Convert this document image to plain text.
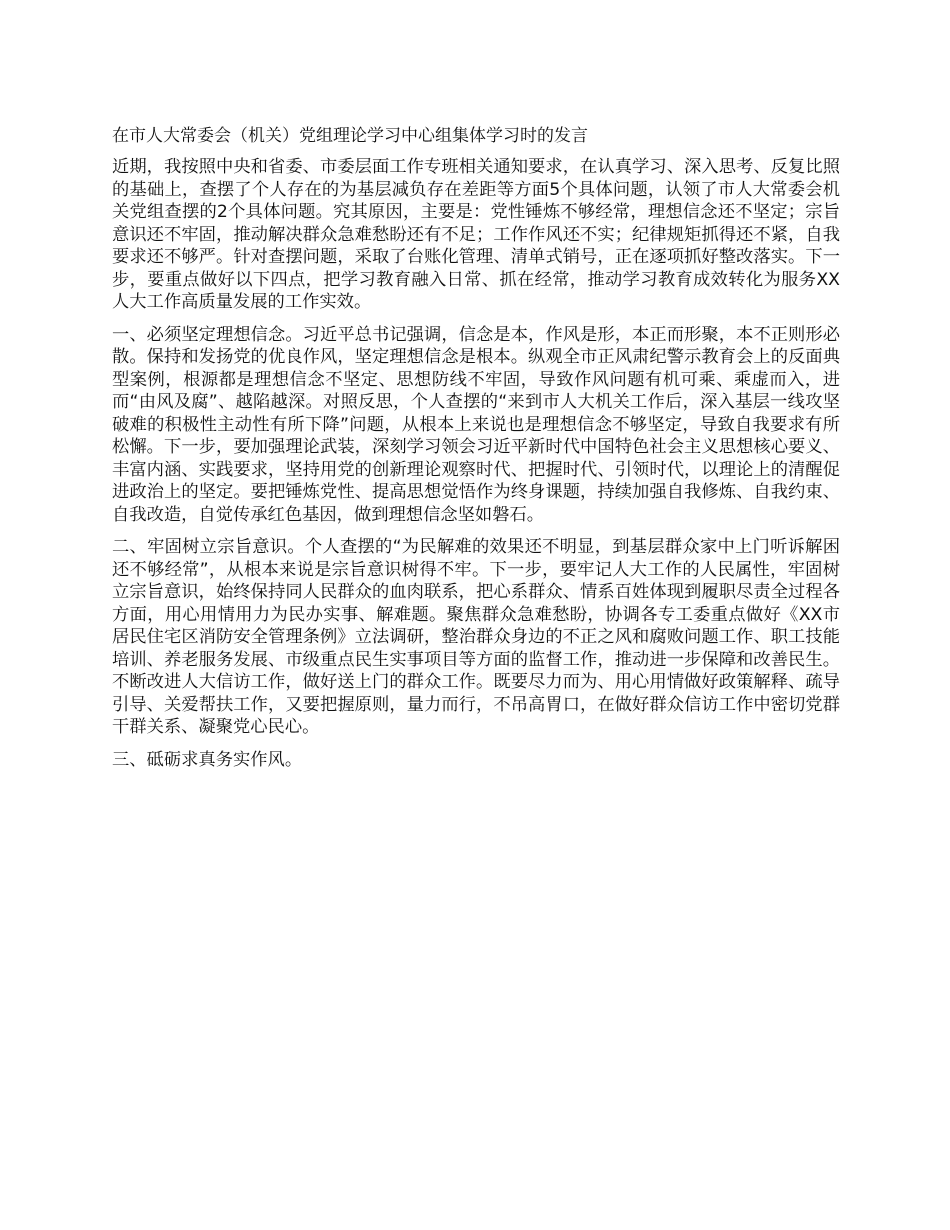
在市人大常委会（机关）党组理论学习中心组集体学习时的发言

近期，我按照中央和省委、市委层面工作专班相关通知要求，在认真学习、深入思考、反复比照的基础上，查摆了个人存在的为基层减负存在差距等方面5个具体问题，认领了市人大常委会机关党组查摆的2个具体问题。究其原因，主要是：党性锤炼不够经常，理想信念还不坚定；宗旨意识还不牢固，推动解决群众急难愁盼还有不足；工作作风还不实；纪律规矩抓得还不紧，自我要求还不够严。针对查摆问题，采取了台账化管理、清单式销号，正在逐项抓好整改落实。下一步，要重点做好以下四点，把学习教育融入日常、抓在经常，推动学习教育成效转化为服务XX人大工作高质量发展的工作实效。

一、必须坚定理想信念。习近平总书记强调，信念是本，作风是形，本正而形聚，本不正则形必散。保持和发扬党的优良作风，坚定理想信念是根本。纵观全市正风肃纪警示教育会上的反面典型案例，根源都是理想信念不坚定、思想防线不牢固，导致作风问题有机可乘、乘虚而入，进而“由风及腐”、越陷越深。对照反思，个人查摆的“来到市人大机关工作后，深入基层一线攻坚破难的积极性主动性有所下降”问题，从根本上来说也是理想信念不够坚定，导致自我要求有所松懈。下一步，要加强理论武装，深刻学习领会习近平新时代中国特色社会主义思想核心要义、丰富内涵、实践要求，坚持用党的创新理论观察时代、把握时代、引领时代，以理论上的清醒促进政治上的坚定。要把锤炼党性、提高思想觉悟作为终身课题，持续加强自我修炼、自我约束、自我改造，自觉传承红色基因，做到理想信念坚如磐石。

二、牢固树立宗旨意识。个人查摆的“为民解难的效果还不明显，到基层群众家中上门听诉解困还不够经常”，从根本来说是宗旨意识树得不牢。下一步，要牢记人大工作的人民属性，牢固树立宗旨意识，始终保持同人民群众的血肉联系，把心系群众、情系百姓体现到履职尽责全过程各方面，用心用情用力为民办实事、解难题。聚焦群众急难愁盼，协调各专工委重点做好《XX市居民住宅区消防安全管理条例》立法调研，整治群众身边的不正之风和腐败问题工作、职工技能培训、养老服务发展、市级重点民生实事项目等方面的监督工作，推动进一步保障和改善民生。不断改进人大信访工作，做好送上门的群众工作。既要尽力而为、用心用情做好政策解释、疏导引导、关爱帮扶工作，又要把握原则，量力而行，不吊高胃口，在做好群众信访工作中密切党群干群关系、凝聚党心民心。

三、砥砺求真务实作风。
